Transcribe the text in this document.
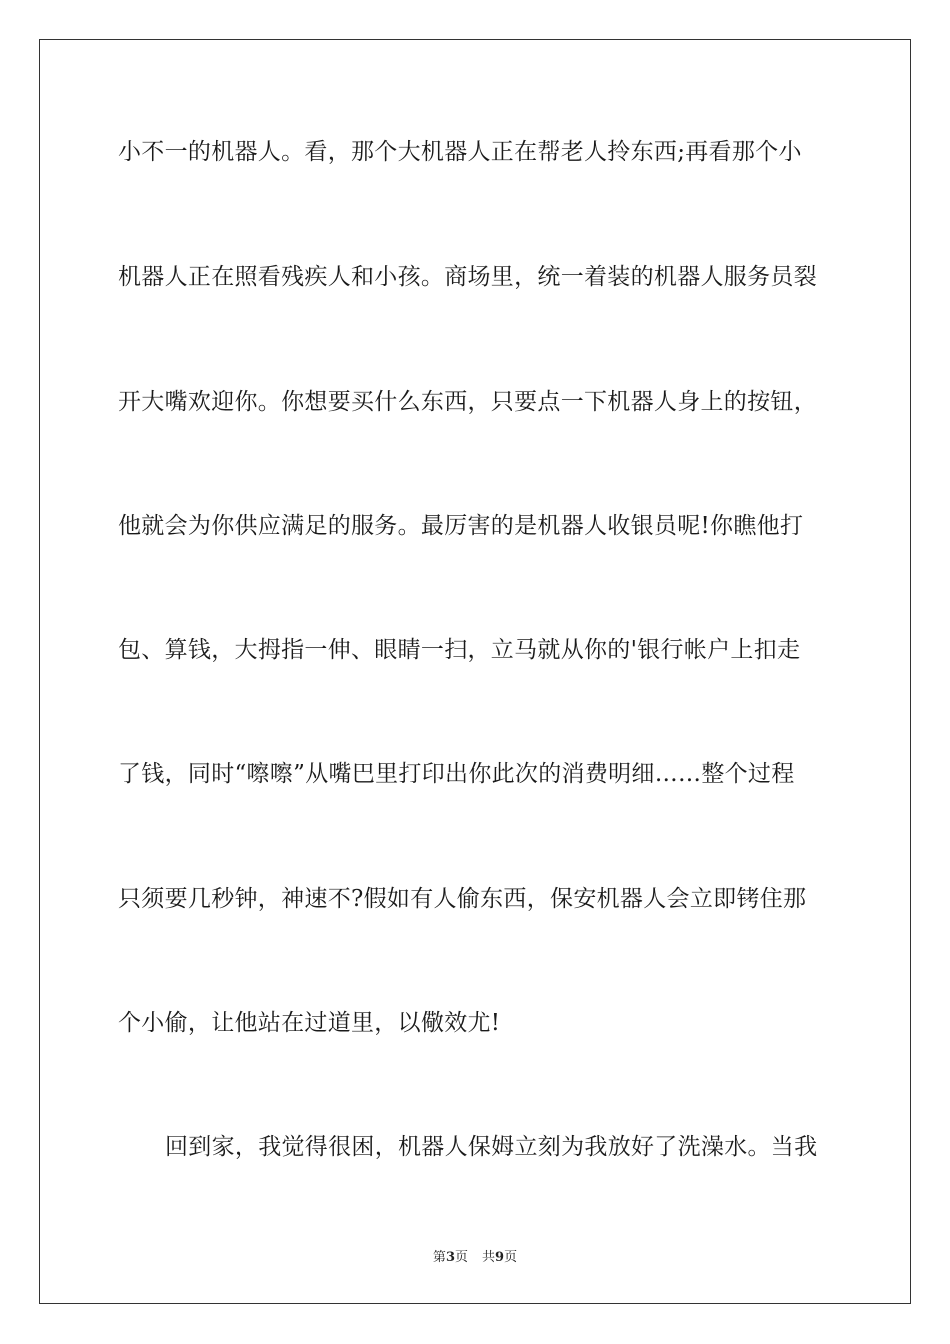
小不一的机器人。看，那个大机器人正在帮老人拎东西;再看那个小
机器人正在照看残疾人和小孩。商场里，统一着装的机器人服务员裂
开大嘴欢迎你。你想要买什么东西，只要点一下机器人身上的按钮，
他就会为你供应满足的服务。最厉害的是机器人收银员呢!你瞧他打
包、算钱，大拇指一伸、眼睛一扫，立马就从你的'银行帐户上扣走
了钱，同时“嚓嚓”从嘴巴里打印出你此次的消费明细……整个过程
只须要几秒钟，神速不?假如有人偷东西，保安机器人会立即铐住那
个小偷，让他站在过道里，以儆效尤!
回到家，我觉得很困，机器人保姆立刻为我放好了洗澡水。当我
第3页 共9页
